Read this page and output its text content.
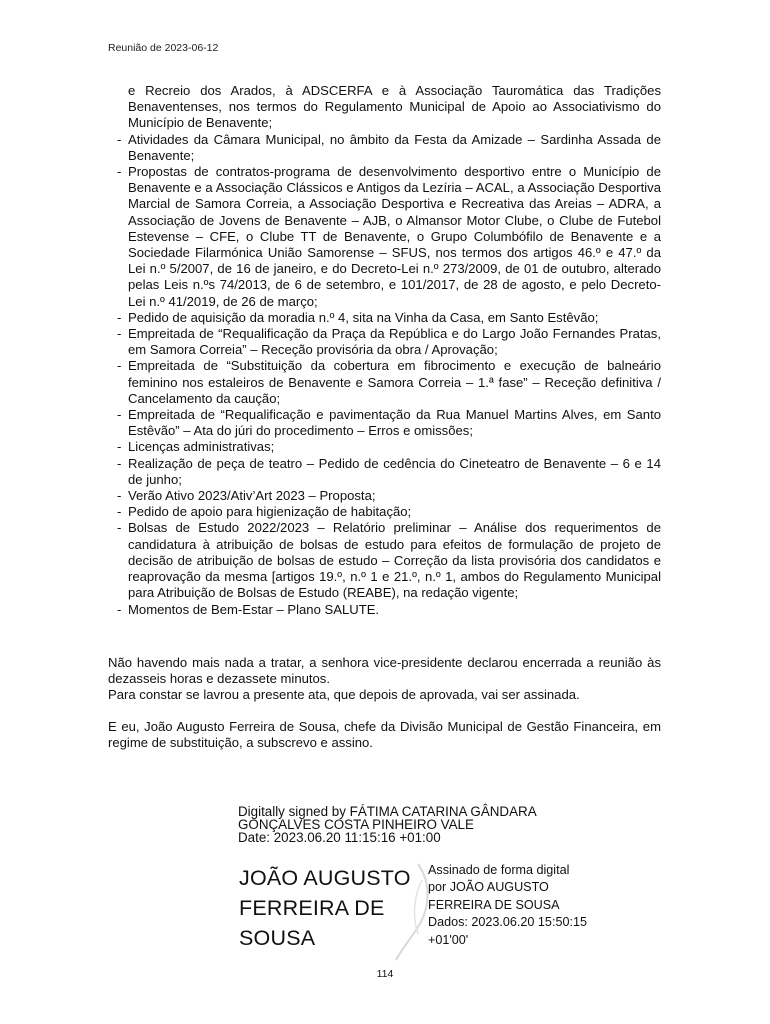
Reunião de 2023-06-12
e Recreio dos Arados, à ADSCERFA e à Associação Tauromática das Tradições Benaventenses, nos termos do Regulamento Municipal de Apoio ao Associativismo do Município de Benavente;
- Atividades da Câmara Municipal, no âmbito da Festa da Amizade – Sardinha Assada de Benavente;
- Propostas de contratos-programa de desenvolvimento desportivo entre o Município de Benavente e a Associação Clássicos e Antigos da Lezíria – ACAL, a Associação Desportiva Marcial de Samora Correia, a Associação Desportiva e Recreativa das Areias – ADRA, a Associação de Jovens de Benavente – AJB, o Almansor Motor Clube, o Clube de Futebol Estevense – CFE, o Clube TT de Benavente, o Grupo Columbófilo de Benavente e a Sociedade Filarmónica União Samorense – SFUS, nos termos dos artigos 46.º e 47.º da Lei n.º 5/2007, de 16 de janeiro, e do Decreto-Lei n.º 273/2009, de 01 de outubro, alterado pelas Leis n.ºs 74/2013, de 6 de setembro, e 101/2017, de 28 de agosto, e pelo Decreto-Lei n.º 41/2019, de 26 de março;
- Pedido de aquisição da moradia n.º 4, sita na Vinha da Casa, em Santo Estêvão;
- Empreitada de “Requalificação da Praça da República e do Largo João Fernandes Pratas, em Samora Correia” – Receção provisória da obra / Aprovação;
- Empreitada de “Substituição da cobertura em fibrocimento e execução de balneário feminino nos estaleiros de Benavente e Samora Correia – 1.ª fase” – Receção definitiva / Cancelamento da caução;
- Empreitada de “Requalificação e pavimentação da Rua Manuel Martins Alves, em Santo Estêvão” – Ata do júri do procedimento – Erros e omissões;
- Licenças administrativas;
- Realização de peça de teatro – Pedido de cedência do Cineteatro de Benavente – 6 e 14 de junho;
- Verão Ativo 2023/Ativ’Art 2023 – Proposta;
- Pedido de apoio para higienização de habitação;
- Bolsas de Estudo 2022/2023 – Relatório preliminar – Análise dos requerimentos de candidatura à atribuição de bolsas de estudo para efeitos de formulação de projeto de decisão de atribuição de bolsas de estudo – Correção da lista provisória dos candidatos e reaprovação da mesma [artigos 19.º, n.º 1 e 21.º, n.º 1, ambos do Regulamento Municipal para Atribuição de Bolsas de Estudo (REABE), na redação vigente;
- Momentos de Bem-Estar – Plano SALUTE.

Não havendo mais nada a tratar, a senhora vice-presidente declarou encerrada a reunião às dezasseis horas e dezassete minutos.

Para constar se lavrou a presente ata, que depois de aprovada, vai ser assinada.

E eu, João Augusto Ferreira de Sousa, chefe da Divisão Municipal de Gestão Financeira, em regime de substituição, a subscrevo e assino.

Digitally signed by FÁTIMA CATARINA GÂNDARA
GONÇALVES COSTA PINHEIRO VALE
Date: 2023.06.20 11:15:16 +01:00
JOÃO AUGUSTO
FERREIRA DE
SOUSA
Assinado de forma digital
por JOÃO AUGUSTO
FERREIRA DE SOUSA
Dados: 2023.06.20 15:50:15
+01'00'
114
